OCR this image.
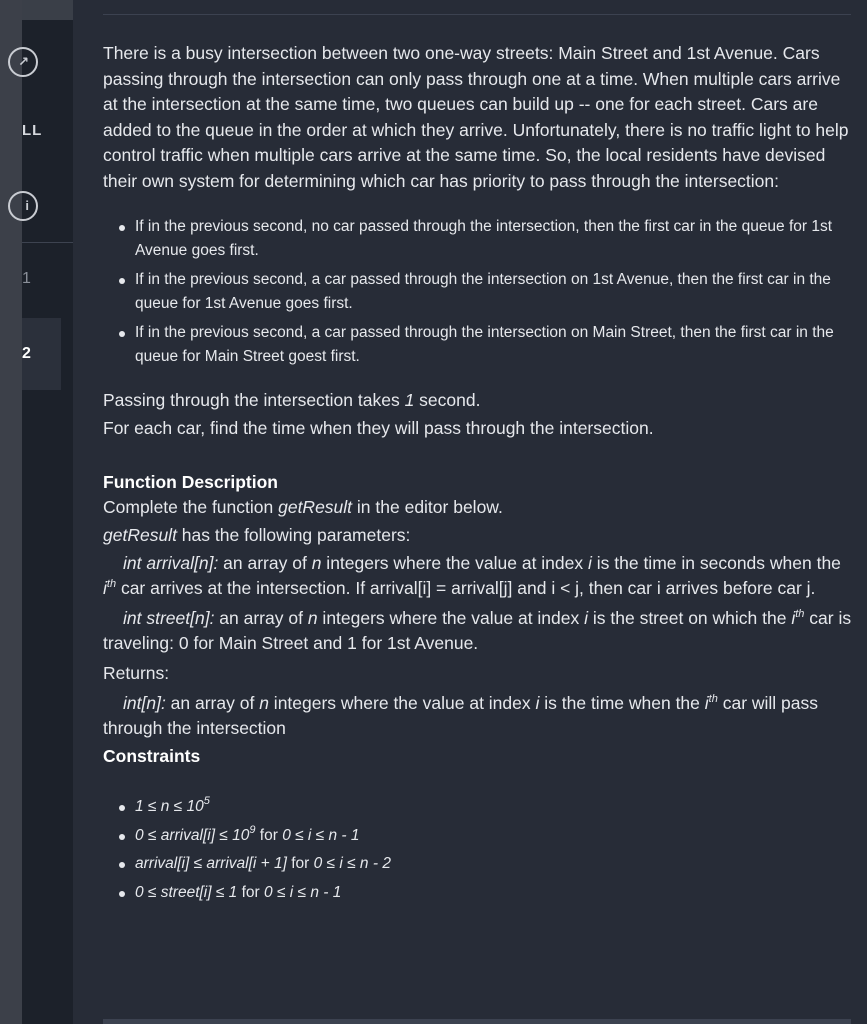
↗
LL
i
1
2

There is a busy intersection between two one-way streets: Main Street and 1st Avenue. Cars passing through the intersection can only pass through one at a time. When multiple cars arrive at the intersection at the same time, two queues can build up -- one for each street. Cars are added to the queue in the order at which they arrive. Unfortunately, there is no traffic light to help control traffic when multiple cars arrive at the same time. So, the local residents have devised their own system for determining which car has priority to pass through the intersection:

If in the previous second, no car passed through the intersection, then the first car in the queue for 1st Avenue goes first.
If in the previous second, a car passed through the intersection on 1st Avenue, then the first car in the queue for 1st Avenue goes first.
If in the previous second, a car passed through the intersection on Main Street, then the first car in the queue for Main Street goest first.

Passing through the intersection takes 1 second.

For each car, find the time when they will pass through the intersection.

Function Description

Complete the function getResult in the editor below.

getResult has the following parameters:

int arrival[n]: an array of n integers where the value at index i is the time in seconds when the $i^{th}$ car arrives at the intersection. If arrival[i] = arrival[j] and i < j, then car i arrives before car j.

int street[n]: an array of n integers where the value at index i is the street on which the $i^{th}$ car is traveling: 0 for Main Street and 1 for 1st Avenue.

Returns:

int[n]: an array of n integers where the value at index i is the time when the $i^{th}$ car will pass through the intersection

Constraints

$1 \le n \le 10^5$
0 ≤ arrival[i] ≤ $10^9$ for 0 ≤ i ≤ n - 1
arrival[i] ≤ arrival[i + 1] for 0 ≤ i ≤ n - 2
0 ≤ street[i] ≤ 1 for 0 ≤ i ≤ n - 1
